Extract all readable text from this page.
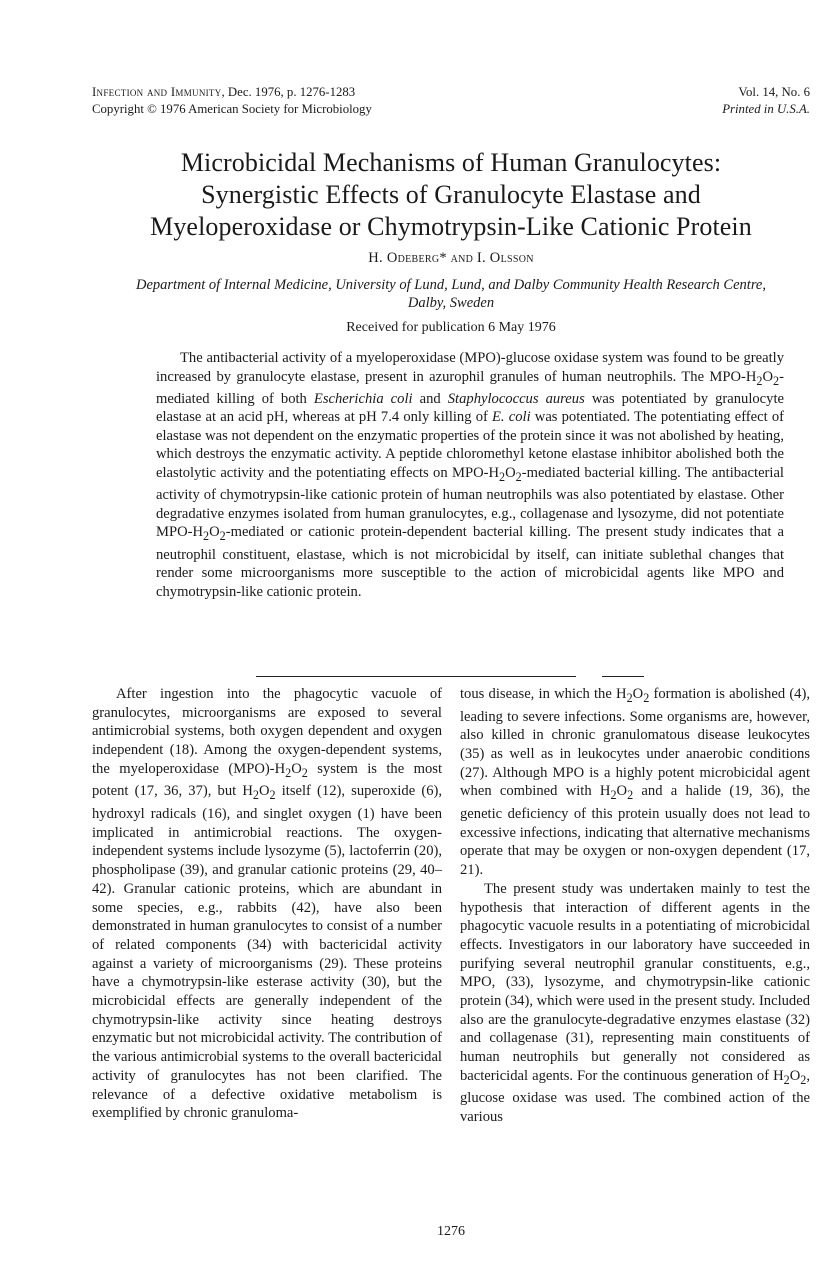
Infection and Immunity, Dec. 1976, p. 1276-1283
Copyright © 1976 American Society for Microbiology
Vol. 14, No. 6
Printed in U.S.A.
Microbicidal Mechanisms of Human Granulocytes:
Synergistic Effects of Granulocyte Elastase and
Myeloperoxidase or Chymotrypsin-Like Cationic Protein
H. Odeberg* and I. Olsson
Department of Internal Medicine, University of Lund, Lund, and Dalby Community Health Research Centre,
Dalby, Sweden
Received for publication 6 May 1976
The antibacterial activity of a myeloperoxidase (MPO)-glucose oxidase system was found to be greatly increased by granulocyte elastase, present in azurophil granules of human neutrophils. The MPO-$H_2O_2$-mediated killing of both Escherichia coli and Staphylococcus aureus was potentiated by granulocyte elastase at an acid pH, whereas at pH 7.4 only killing of E. coli was potentiated. The potentiating effect of elastase was not dependent on the enzymatic properties of the protein since it was not abolished by heating, which destroys the enzymatic activity. A peptide chloromethyl ketone elastase inhibitor abolished both the elastolytic activity and the potentiating effects on MPO-$H_2O_2$-mediated bacterial killing. The antibacterial activity of chymotrypsin-like cationic protein of human neutrophils was also potentiated by elastase. Other degradative enzymes isolated from human granulocytes, e.g., collagenase and lysozyme, did not potentiate MPO-$H_2O_2$-mediated or cationic protein-dependent bacterial killing. The present study indicates that a neutrophil constituent, elastase, which is not microbicidal by itself, can initiate sublethal changes that render some microorganisms more susceptible to the action of microbicidal agents like MPO and chymotrypsin-like cationic protein.

After ingestion into the phagocytic vacuole of granulocytes, microorganisms are exposed to several antimicrobial systems, both oxygen dependent and oxygen independent (18). Among the oxygen-dependent systems, the myeloperoxidase $(MPO)-H_2O_2$ system is the most potent (17, 36, 37), but $H_2O_2$ itself (12), superoxide (6), hydroxyl radicals (16), and singlet oxygen (1) have been implicated in antimicrobial reactions. The oxygen-independent systems include lysozyme (5), lactoferrin (20), phospholipase (39), and granular cationic proteins (29, 40–42). Granular cationic proteins, which are abundant in some species, e.g., rabbits (42), have also been demonstrated in human granulocytes to consist of a number of related components (34) with bactericidal activity against a variety of microorganisms (29). These proteins have a chymotrypsin-like esterase activity (30), but the microbicidal effects are generally independent of the chymotrypsin-like activity since heating destroys enzymatic but not microbicidal activity. The contribution of the various antimicrobial systems to the overall bactericidal activity of granulocytes has not been clarified. The relevance of a defective oxidative metabolism is exemplified by chronic granuloma-

tous disease, in which the $H_2O_2$ formation is abolished (4), leading to severe infections. Some organisms are, however, also killed in chronic granulomatous disease leukocytes (35) as well as in leukocytes under anaerobic conditions (27). Although MPO is a highly potent microbicidal agent when combined with $H_2O_2$ and a halide (19, 36), the genetic deficiency of this protein usually does not lead to excessive infections, indicating that alternative mechanisms operate that may be oxygen or non-oxygen dependent (17, 21).

The present study was undertaken mainly to test the hypothesis that interaction of different agents in the phagocytic vacuole results in a potentiating of microbicidal effects. Investigators in our laboratory have succeeded in purifying several neutrophil granular constituents, e.g., MPO, (33), lysozyme, and chymotrypsin-like cationic protein (34), which were used in the present study. Included also are the granulocyte-degradative enzymes elastase (32) and collagenase (31), representing main constituents of human neutrophils but generally not considered as bactericidal agents. For the continuous generation of $H_2O_2$, glucose oxidase was used. The combined action of the various

1276
